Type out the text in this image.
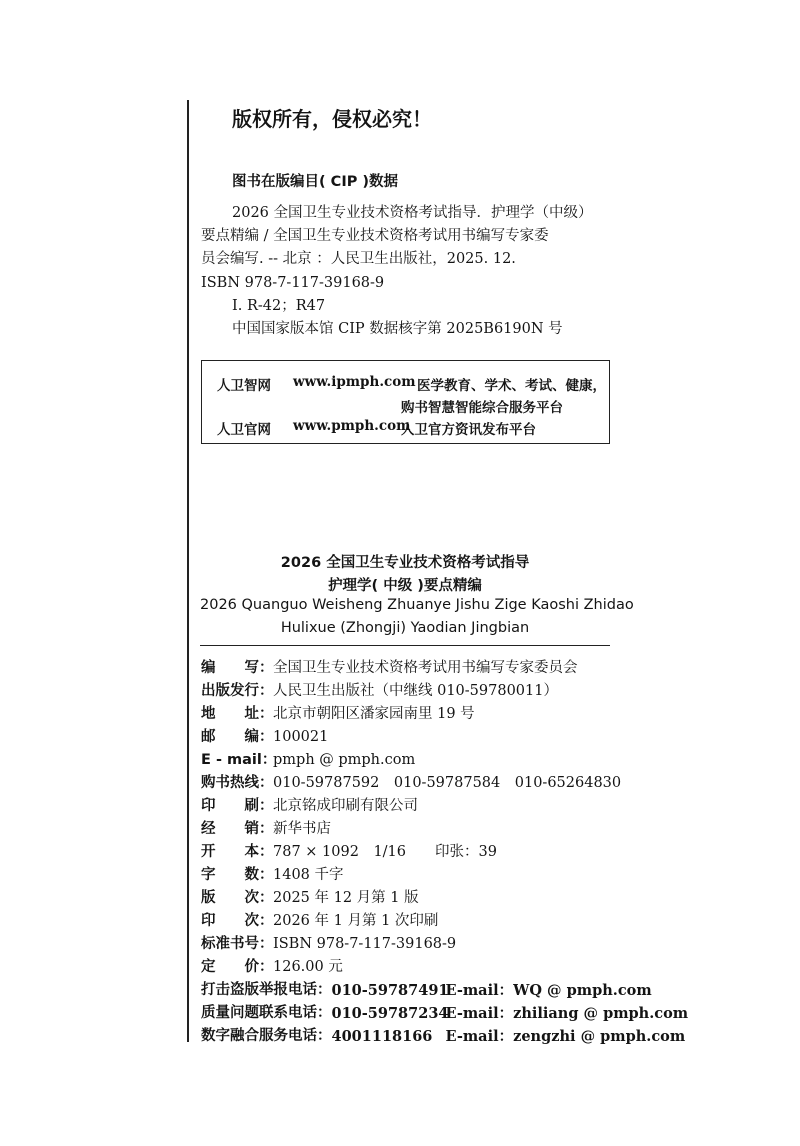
版权所有，侵权必究！
图书在版编目( CIP )数据
2026 全国卫生专业技术资格考试指导．护理学（中级）
要点精编 / 全国卫生专业技术资格考试用书编写专家委
员会编写. -- 北京 ：人民卫生出版社，2025. 12.
ISBN 978-7-117-39168-9
Ⅰ. R-42；R47
中国国家版本馆 CIP 数据核字第 2025B6190N 号
人卫智网 www.ipmph.com 医学教育、学术、考试、健康，
购书智慧智能综合服务平台
人卫官网 www.pmph.com
人卫官方资讯发布平台
2026 全国卫生专业技术资格考试指导
护理学( 中级 )要点精编
2026 Quanguo Weisheng Zhuanye Jishu Zige Kaoshi Zhidao
Hulixue (Zhongji) Yaodian Jingbian
编　　写： 全国卫生专业技术资格考试用书编写专家委员会
出版发行： 人民卫生出版社（中继线 010-59780011）
地　　址： 北京市朝阳区潘家园南里 19 号
邮　　编： 100021
E - mail：
pmph @ pmph.com
购书热线： 010-59787592　010-59787584　010-65264830
印　　刷： 北京铭成印刷有限公司
经　　销： 新华书店
开　　本： 787 × 1092　1/16　　印张：39
字　　数： 1408 千字
版　　次： 2025 年 12 月第 1 版
印　　次： 2026 年 1 月第 1 次印刷
标准书号： ISBN 978-7-117-39168-9
定　　价： 126.00 元
打击盗版举报电话： 010-59787491
E-mail：WQ @ pmph.com
质量问题联系电话： 010-59787234
E-mail：zhiliang @ pmph.com
数字融合服务电话： 4001118166 E-mail：zengzhi @ pmph.com
